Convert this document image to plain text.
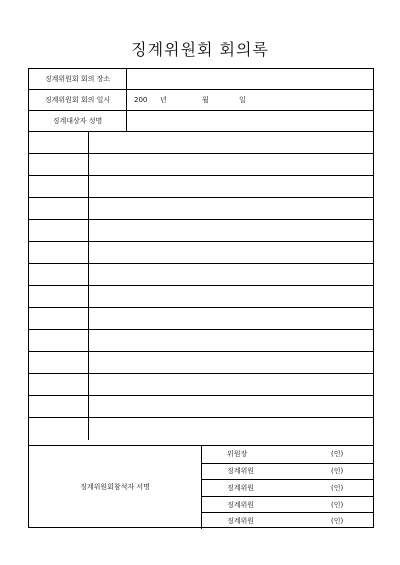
징계위원회 회의록
징계위원회 회의 장소
징계위원회 회의 일시	200 년	월	일
징계대상자 성명
징계위원회참석자 서명
위원장	(인)
징계위원	(인)
징계위원	(인)
징계위원	(인)
징계위원	(인)
